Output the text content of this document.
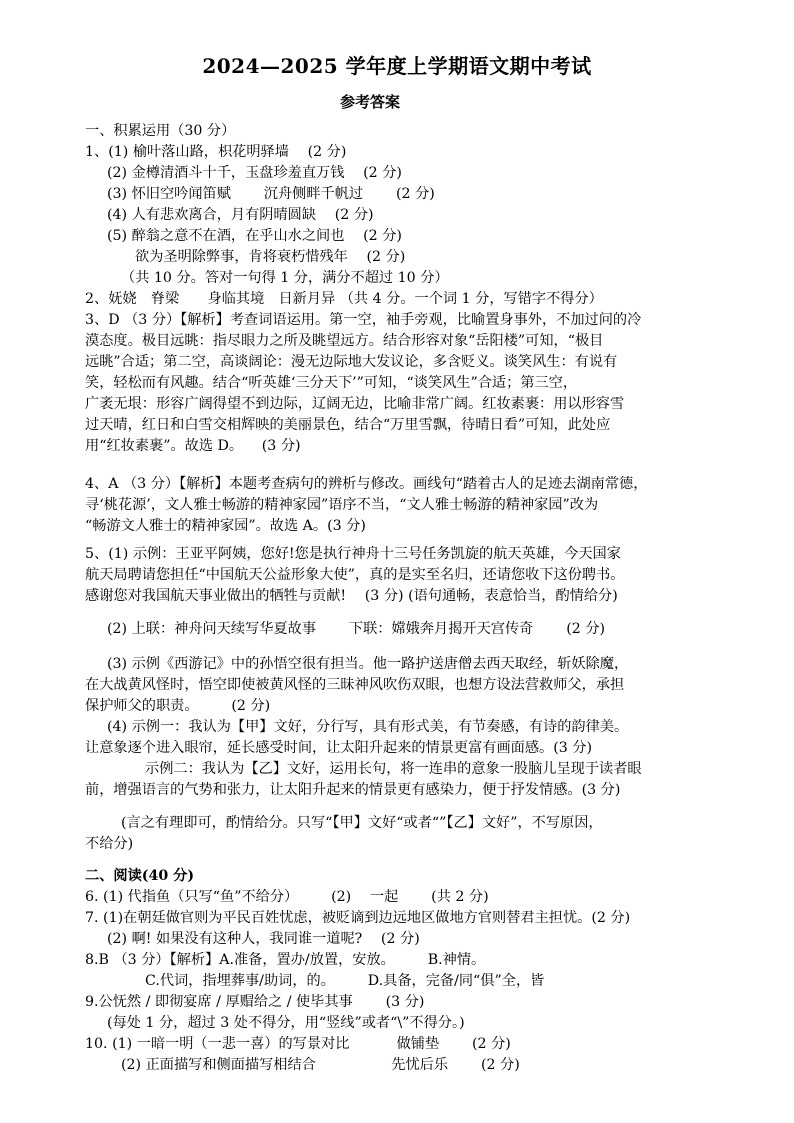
2024—2025 学年度上学期语文期中考试
参考答案
一、积累运用（30 分）
1、(1) 榆叶落山路，枳花明驿墙 　(2 分)
(2) 金樽清酒斗十千，玉盘珍羞直万钱 　(2 分)
(3) 怀旧空吟闻笛赋 　　沉舟侧畔千帆过 　　(2 分)
(4) 人有悲欢离合，月有阴晴圆缺 　(2 分)
(5) 醉翁之意不在酒，在乎山水之间也 　(2 分)
欲为圣明除弊事，肯将衰朽惜残年 　(2 分)
（共 10 分。答对一句得 1 分，满分不超过 10 分）
2、妩娆　脊梁　　身临其境　日新月异 （共 4 分。一个词 1 分，写错字不得分）
3、D （3 分）【解析】考查词语运用。第一空，袖手旁观，比喻置身事外，不加过问的冷
漠态度。极目远眺：指尽眼力之所及眺望远方。结合形容对象“岳阳楼”可知，“极目
远眺”合适；第二空，高谈阔论：漫无边际地大发议论，多含贬义。谈笑风生：有说有
笑，轻松而有风趣。结合“听英雄‘三分天下’”可知，“谈笑风生”合适；第三空，
广袤无垠：形容广阔得望不到边际，辽阔无边，比喻非常广阔。红妆素裹：用以形容雪
过天晴，红日和白雪交相辉映的美丽景色，结合“万里雪飘，待晴日看”可知，此处应
用“红妆素裹”。故选 D。 　(3 分)
4、A （3 分）【解析】本题考查病句的辨析与修改。画线句“踏着古人的足迹去湖南常德，
寻‘桃花源’，文人雅士畅游的精神家园”语序不当，“文人雅士畅游的精神家园”改为
“畅游文人雅士的精神家园”。故选 A。(3 分)
5、(1) 示例：王亚平阿姨，您好!您是执行神舟十三号任务凯旋的航天英雄，今天国家
航天局聘请您担任“中国航天公益形象大使”，真的是实至名归，还请您收下这份聘书。
感谢您对我国航天事业做出的牺牲与贡献! 　(3 分) (语句通畅，表意恰当，酌情给分)
(2) 上联：神舟问天续写华夏故事 　　下联：嫦娥奔月揭开天宫传奇 　　(2 分)
(3) 示例《西游记》中的孙悟空很有担当。他一路护送唐僧去西天取经，斩妖除魔，
在大战黄风怪时，悟空即使被黄风怪的三昧神风吹伤双眼，也想方设法营救师父，承担
保护师父的职责。 　　(2 分)
(4) 示例一：我认为【甲】文好，分行写，具有形式美，有节奏感，有诗的韵律美。
让意象逐个进入眼帘，延长感受时间，让太阳升起来的情景更富有画面感。(3 分)
示例二：我认为【乙】文好，运用长句，将一连串的意象一股脑儿呈现于读者眼
前，增强语言的气势和张力，让太阳升起来的情景更有感染力，便于抒发情感。(3 分)
(言之有理即可，酌情给分。只写“【甲】文好“或者“”【乙】文好”，不写原因，
不给分)
二、阅读(40 分)
6. (1) 代指鱼（只写“鱼”不给分） 　　(2) 　一起 　　(共 2 分)
7. (1)在朝廷做官则为平民百姓忧虑，被贬谪到边远地区做地方官则替君主担忧。(2 分)
(2) 啊! 如果没有这种人，我同谁一道呢? 　(2 分)
8.B （3 分）【解析】A.准备，置办/放置，安放。 　　B.神情。
C.代词，指埋葬事/助词，的。 　　D.具备，完备/同“俱”全，皆
9.公怃然 / 即彻宴席 / 厚赗给之 / 使毕其事 　　(3 分)
(每处 1 分，超过 3 处不得分，用“竖线”或者“\”不得分。)
10. (1) 一暗一明（一悲一喜）的写景对比 　　　做铺垫 　　(2 分)
(2) 正面描写和侧面描写相结合 　　　　　先忧后乐 　　(2 分)
